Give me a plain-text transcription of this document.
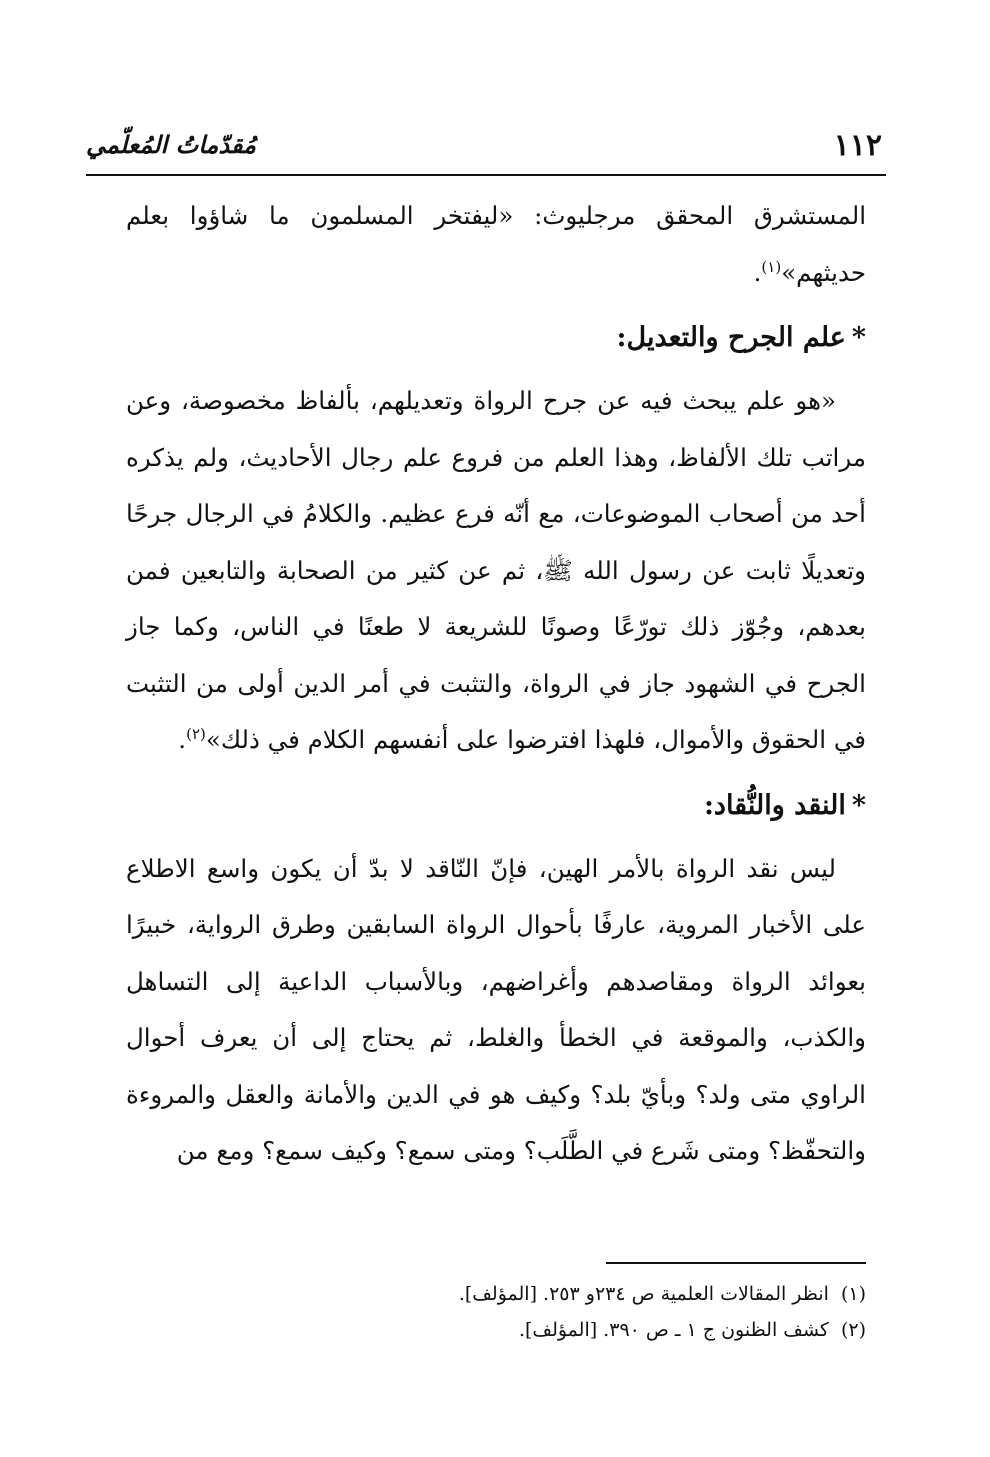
١١٢
مُقدّماتُ المُعلّمي

المستشرق المحقق مرجليوث: «ليفتخر المسلمون ما شاؤوا بعلم حديثهم»$^{(١)}$.

*علم الجرح والتعديل:

«هو علم يبحث فيه عن جرح الرواة وتعديلهم، بألفاظ مخصوصة، وعن مراتب تلك الألفاظ، وهذا العلم من فروع علم رجال الأحاديث، ولم يذكره أحد من أصحاب الموضوعات، مع أنّه فرع عظيم. والكلامُ في الرجال جرحًا وتعديلًا ثابت عن رسول الله ﷺ، ثم عن كثير من الصحابة والتابعين فمن بعدهم، وجُوّز ذلك تورّعًا وصونًا للشريعة لا طعنًا في الناس، وكما جاز الجرح في الشهود جاز في الرواة، والتثبت في أمر الدين أولى من التثبت في الحقوق والأموال، فلهذا افترضوا على أنفسهم الكلام في ذلك»$^{(٢)}$.

*النقد والنُّقاد:

ليس نقد الرواة بالأمر الهين، فإنّ النّاقد لا بدّ أن يكون واسع الاطلاع على الأخبار المروية، عارفًا بأحوال الرواة السابقين وطرق الرواية، خبيرًا بعوائد الرواة ومقاصدهم وأغراضهم، وبالأسباب الداعية إلى التساهل والكذب، والموقعة في الخطأ والغلط، ثم يحتاج إلى أن يعرف أحوال الراوي متى ولد؟ وبأيّ بلد؟ وكيف هو في الدين والأمانة والعقل والمروءة والتحفّظ؟ ومتى شَرع في الطَّلَب؟ ومتى سمع؟ وكيف سمع؟ ومع من

(١)انظر المقالات العلمية ص ٢٣٤و ٢٥٣. [المؤلف].

(٢)كشف الظنون ج ١ ـ ص ٣٩٠. [المؤلف].
